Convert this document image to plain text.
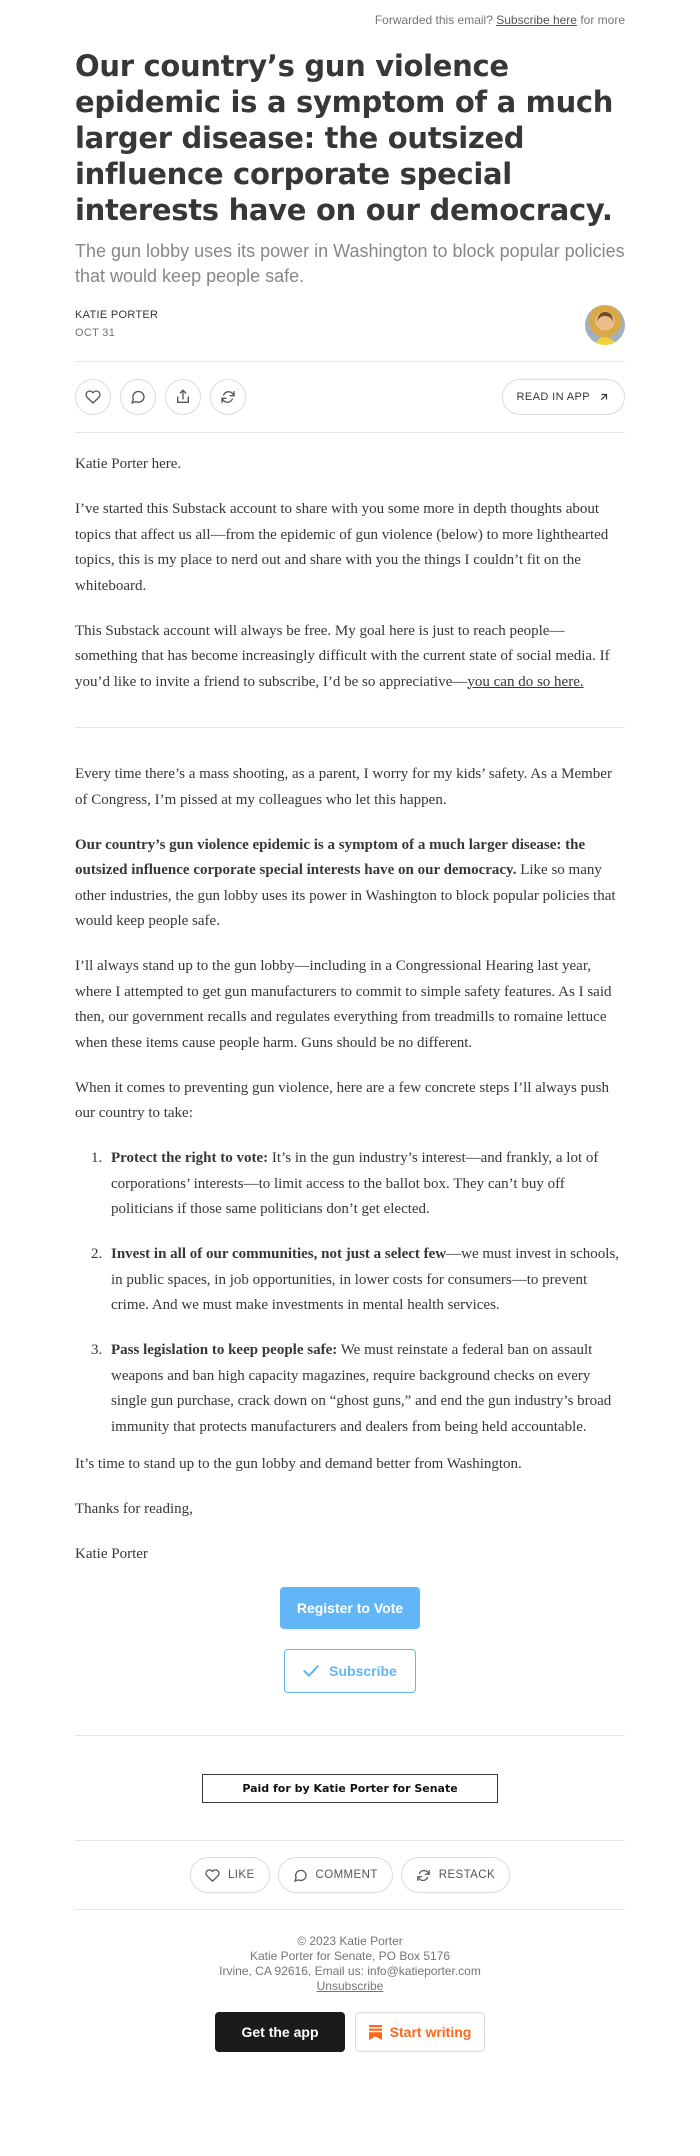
Forwarded this email? Subscribe here for more
Our country’s gun violence epidemic is a symptom of a much larger disease: the outsized influence corporate special interests have on our democracy.
The gun lobby uses its power in Washington to block popular policies that would keep people safe.
KATIE PORTER
OCT 31
READ IN APP

Katie Porter here.

I’ve started this Substack account to share with you some more in depth thoughts about topics that affect us all—from the epidemic of gun violence (below) to more lighthearted topics, this is my place to nerd out and share with you the things I couldn’t fit on the whiteboard.

This Substack account will always be free. My goal here is just to reach people—something that has become increasingly difficult with the current state of social media. If you’d like to invite a friend to subscribe, I’d be so appreciative—you can do so here.

Every time there’s a mass shooting, as a parent, I worry for my kids’ safety. As a Member of Congress, I’m pissed at my colleagues who let this happen.

Our country’s gun violence epidemic is a symptom of a much larger disease: the outsized influence corporate special interests have on our democracy. Like so many other industries, the gun lobby uses its power in Washington to block popular policies that would keep people safe.

I’ll always stand up to the gun lobby—including in a Congressional Hearing last year, where I attempted to get gun manufacturers to commit to simple safety features. As I said then, our government recalls and regulates everything from treadmills to romaine lettuce when these items cause people harm. Guns should be no different.

When it comes to preventing gun violence, here are a few concrete steps I’ll always push our country to take:

1. Protect the right to vote: It’s in the gun industry’s interest—and frankly, a lot of corporations’ interests—to limit access to the ballot box. They can’t buy off politicians if those same politicians don’t get elected.
2. Invest in all of our communities, not just a select few—we must invest in schools, in public spaces, in job opportunities, in lower costs for consumers—to prevent crime. And we must make investments in mental health services.
3. Pass legislation to keep people safe: We must reinstate a federal ban on assault weapons and ban high capacity magazines, require background checks on every single gun purchase, crack down on “ghost guns,” and end the gun industry’s broad immunity that protects manufacturers and dealers from being held accountable.

It’s time to stand up to the gun lobby and demand better from Washington.

Thanks for reading,

Katie Porter

Register to Vote
Subscribe
Paid for by Katie Porter for Senate
LIKE	COMMENT	RESTACK
© 2023 Katie Porter
Katie Porter for Senate, PO Box 5176
Irvine, CA 92616, Email us: info@katieporter.com
Unsubscribe
Get the app	Start writing
